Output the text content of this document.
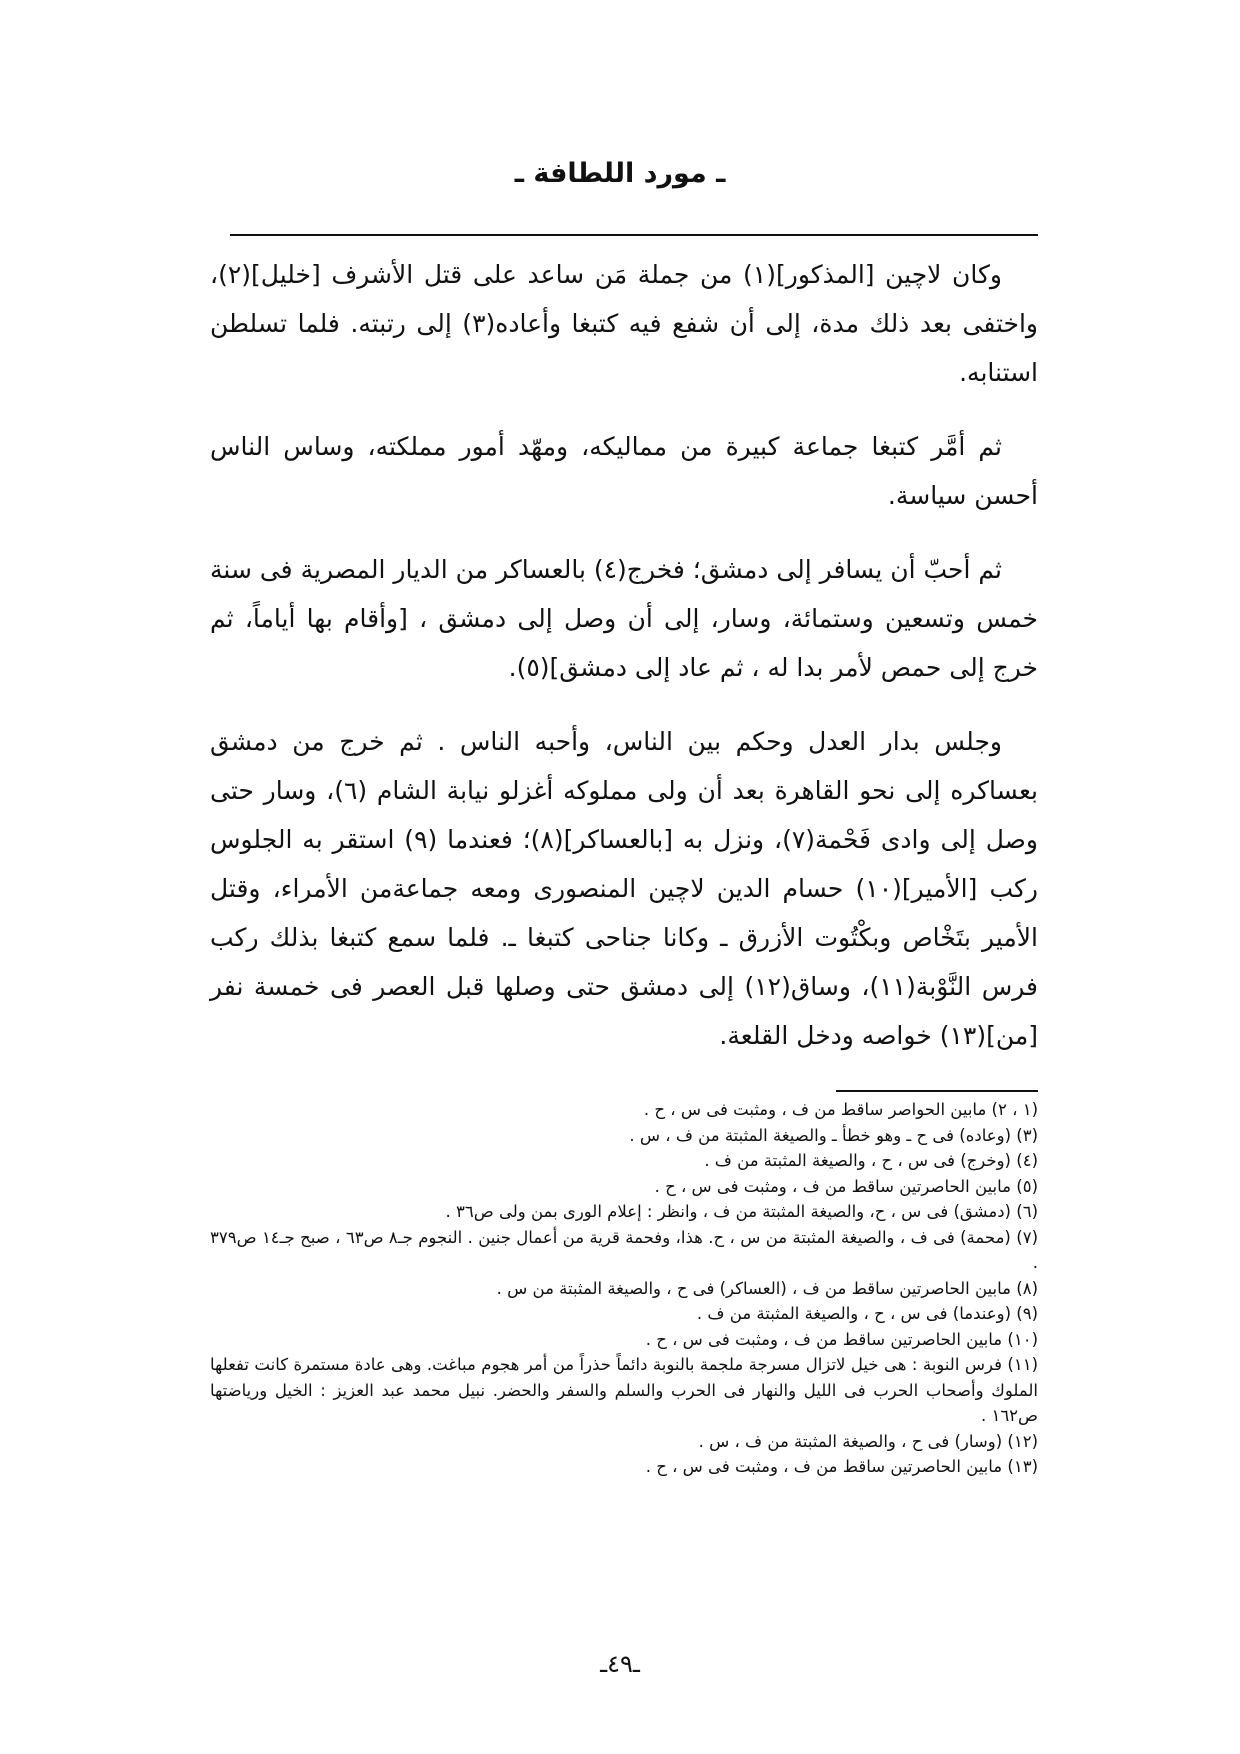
ـ مورد اللطافة ـ

وكان لاچين [المذكور](١) من جملة مَن ساعد على قتل الأشرف [خليل](٢)، واختفى بعد ذلك مدة، إلى أن شفع فيه كتبغا وأعاده(٣) إلى رتبته. فلما تسلطن استنابه.

ثم أمَّر كتبغا جماعة كبيرة من مماليكه، ومهّد أمور مملكته، وساس الناس أحسن سياسة.

ثم أحبّ أن يسافر إلى دمشق؛ فخرج(٤) بالعساكر من الديار المصرية فى سنة خمس وتسعين وستمائة، وسار، إلى أن وصل إلى دمشق ، [وأقام بها أياماً، ثم خرج إلى حمص لأمر بدا له ، ثم عاد إلى دمشق](٥).

وجلس بدار العدل وحكم بين الناس، وأحبه الناس . ثم خرج من دمشق بعساكره إلى نحو القاهرة بعد أن ولى مملوكه أغزلو نيابة الشام (٦)، وسار حتى وصل إلى وادى فَحْمة(٧)، ونزل به [بالعساكر](٨)؛ فعندما (٩) استقر به الجلوس ركب [الأمير](١٠) حسام الدين لاچين المنصورى ومعه جماعةمن الأمراء، وقتل الأمير بتَخْاص وبكْتُوت الأزرق ـ وكانا جناحى كتبغا ـ. فلما سمع كتبغا بذلك ركب فرس النَّوْبة(١١)، وساق(١٢) إلى دمشق حتى وصلها قبل العصر فى خمسة نفر [من](١٣) خواصه ودخل القلعة.

(١ ، ٢) مابين الحواصر ساقط من ف ، ومثبت فى س ، ح .
(٣) (وعاده) فى ح ـ وهو خطأ ـ والصيغة المثبتة من ف ، س .
(٤) (وخرج) فى س ، ح ، والصيغة المثبتة من ف .
(٥) مابين الحاصرتين ساقط من ف ، ومثبت فى س ، ح .
(٦) (دمشق) فى س ، ح، والصيغة المثبتة من ف ، وانظر : إعلام الورى بمن ولى ص٣٦ .
(٧) (محمة) فى ف ، والصيغة المثبتة من س ، ح. هذا، وفحمة قرية من أعمال جنين . النجوم جـ٨ ص٦٣ ، صبح جـ١٤ ص٣٧٩ .
(٨) مابين الحاصرتين ساقط من ف ، (العساكر) فى ح ، والصيغة المثبتة من س .
(٩) (وعندما) فى س ، ح ، والصيغة المثبتة من ف .
(١٠) مابين الحاصرتين ساقط من ف ، ومثبت فى س ، ح .
(١١) فرس النوبة : هى خيل لاتزال مسرجة ملجمة بالنوبة دائماً حذراً من أمر هجوم مباغت. وهى عادة مستمرة كانت تفعلها الملوك وأصحاب الحرب فى الليل والنهار فى الحرب والسلم والسفر والحضر. نبيل محمد عبد العزيز : الخيل ورياضتها ص١٦٢ .
(١٢) (وسار) فى ح ، والصيغة المثبتة من ف ، س .
(١٣) مابين الحاصرتين ساقط من ف ، ومثبت فى س ، ح .
ـ٤٩ـ
